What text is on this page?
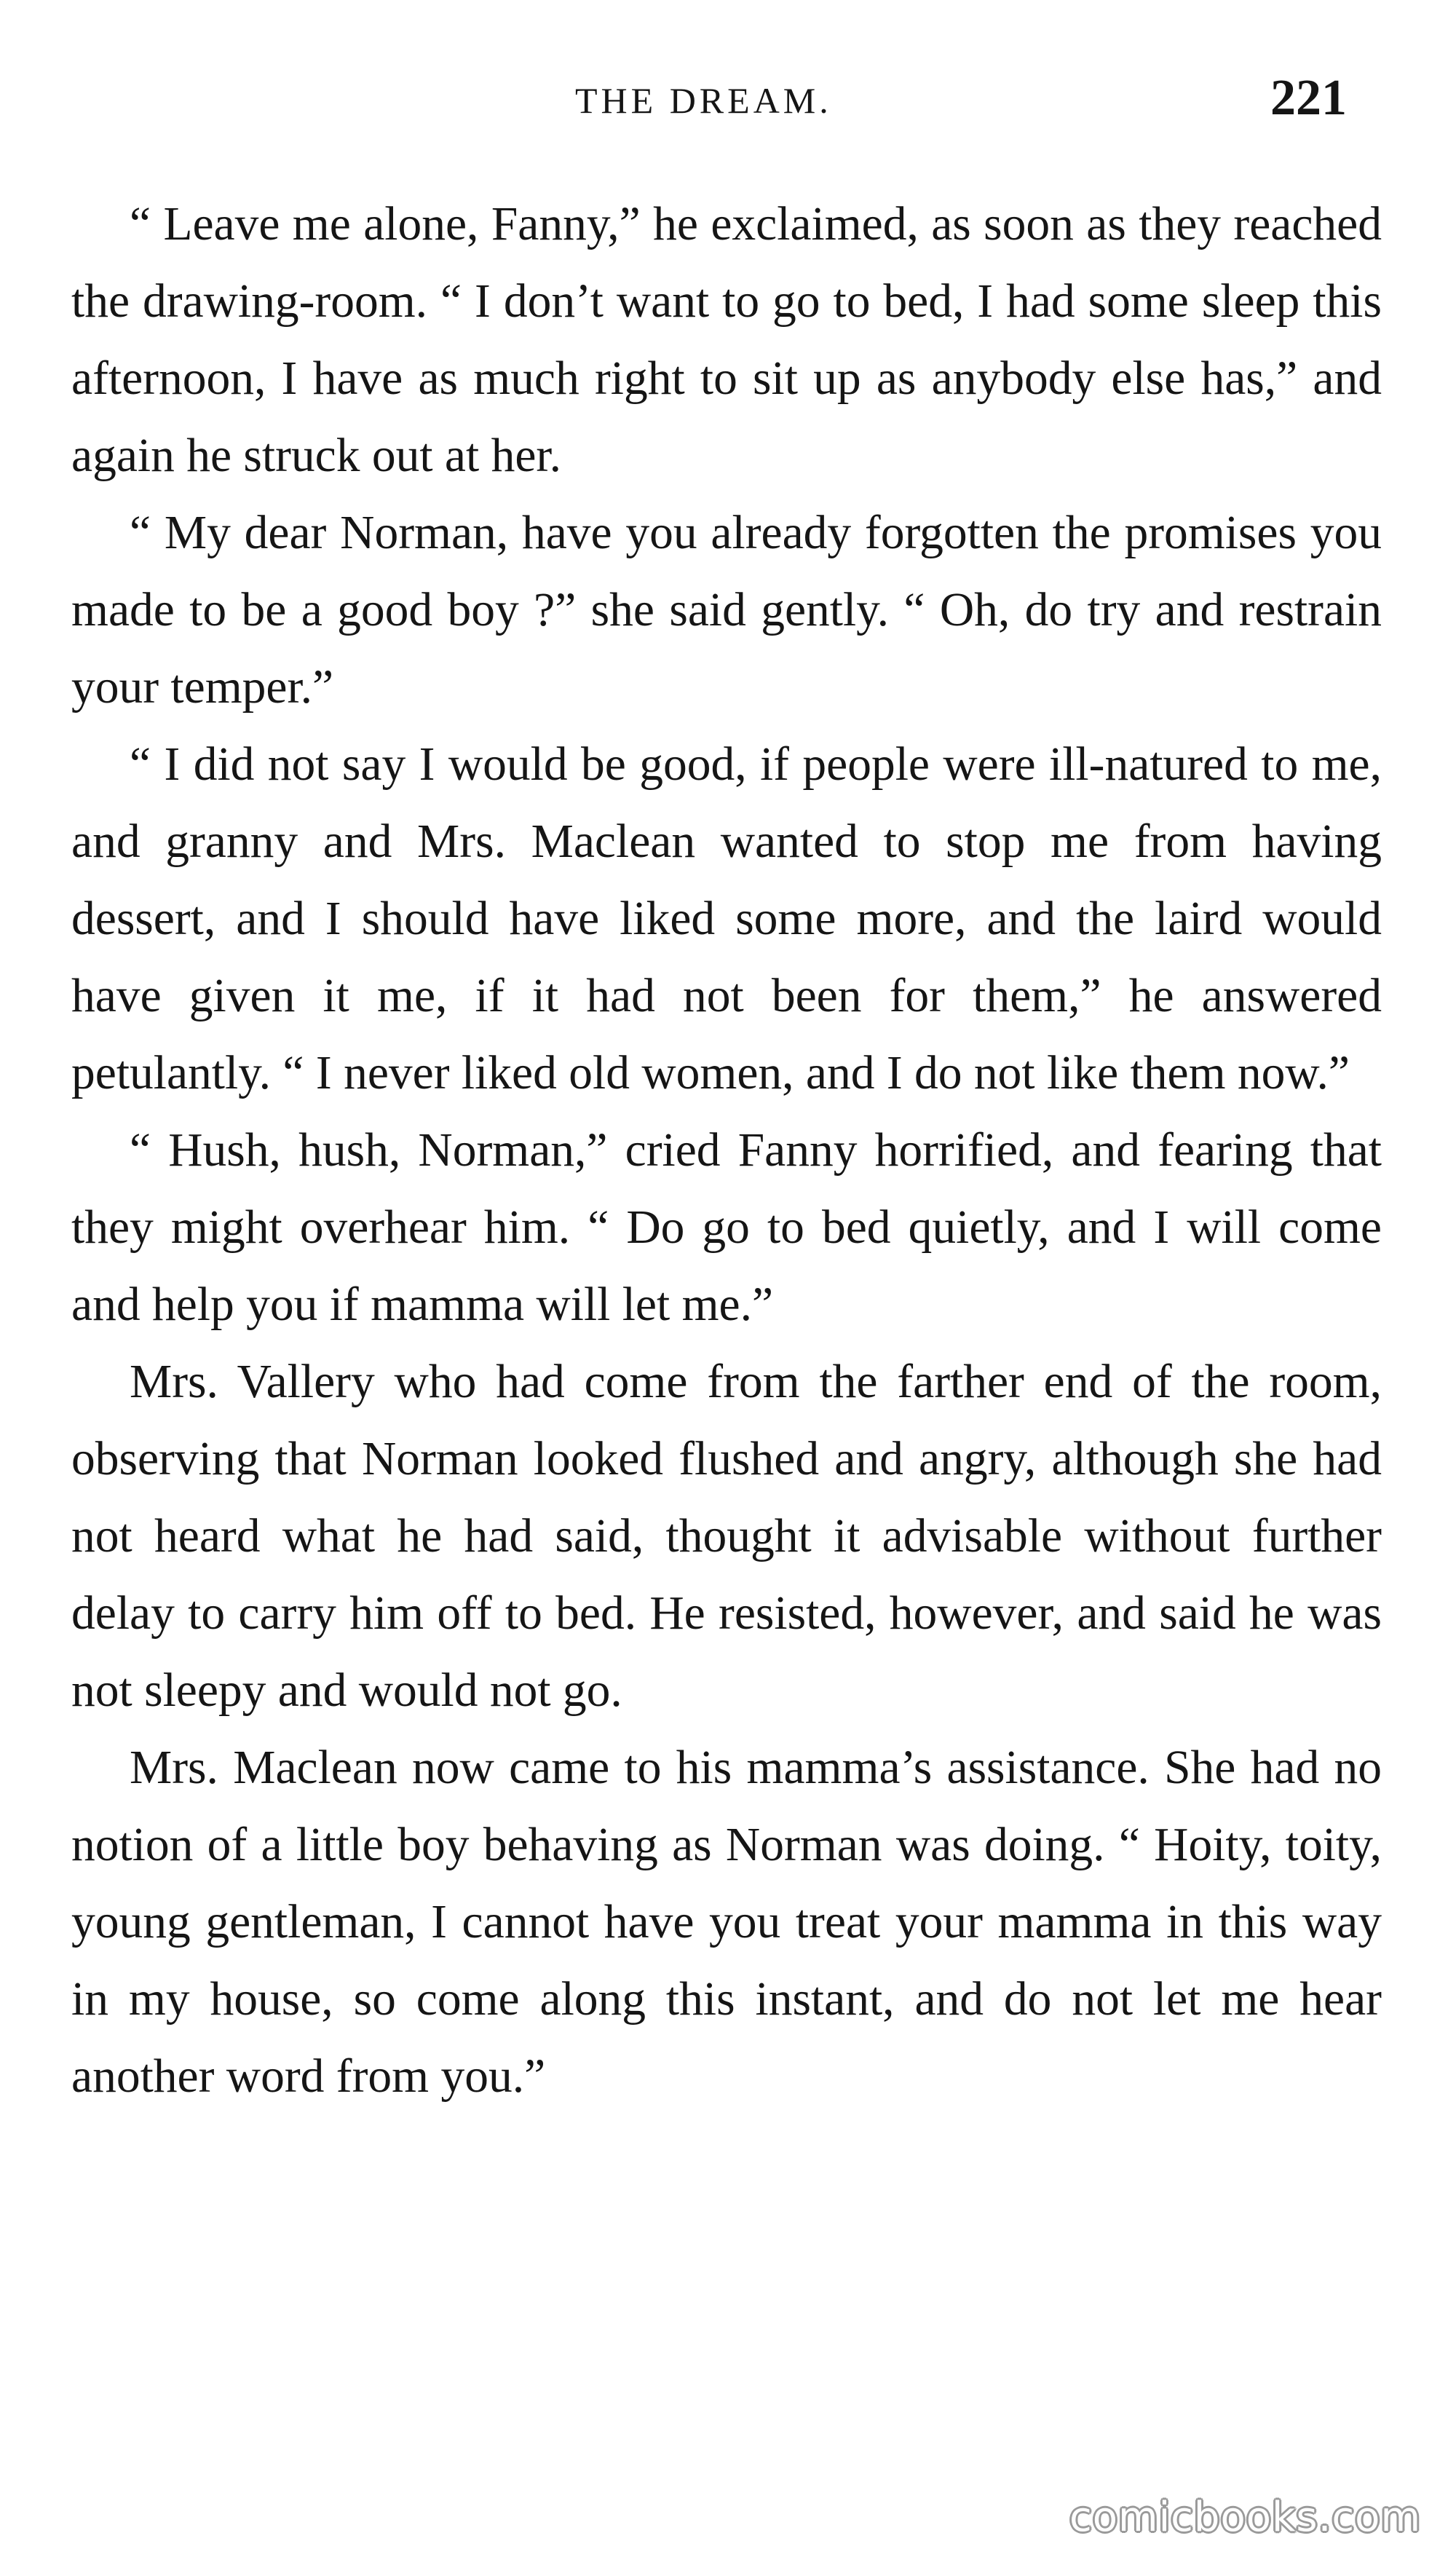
THE DREAM.	221

“ Leave me alone, Fanny,” he exclaimed, as soon as they reached the drawing-room. “ I don’t want to go to bed, I had some sleep this afternoon, I have as much right to sit up as anybody else has,” and again he struck out at her.

“ My dear Norman, have you already forgotten the promises you made to be a good boy ?” she said gently. “ Oh, do try and restrain your temper.”

“ I did not say I would be good, if people were ill-natured to me, and granny and Mrs. Maclean wanted to stop me from having dessert, and I should have liked some more, and the laird would have given it me, if it had not been for them,” he answered petulantly. “ I never liked old women, and I do not like them now.”

“ Hush, hush, Norman,” cried Fanny horrified, and fearing that they might overhear him. “ Do go to bed quietly, and I will come and help you if mamma will let me.”

Mrs. Vallery who had come from the farther end of the room, observing that Norman looked flushed and angry, although she had not heard what he had said, thought it advisable without further delay to carry him off to bed. He resisted, however, and said he was not sleepy and would not go.

Mrs. Maclean now came to his mamma’s assistance. She had no notion of a little boy behaving as Norman was doing. “ Hoity, toity, young gentleman, I cannot have you treat your mamma in this way in my house, so come along this instant, and do not let me hear another word from you.”

comicbooks.com
